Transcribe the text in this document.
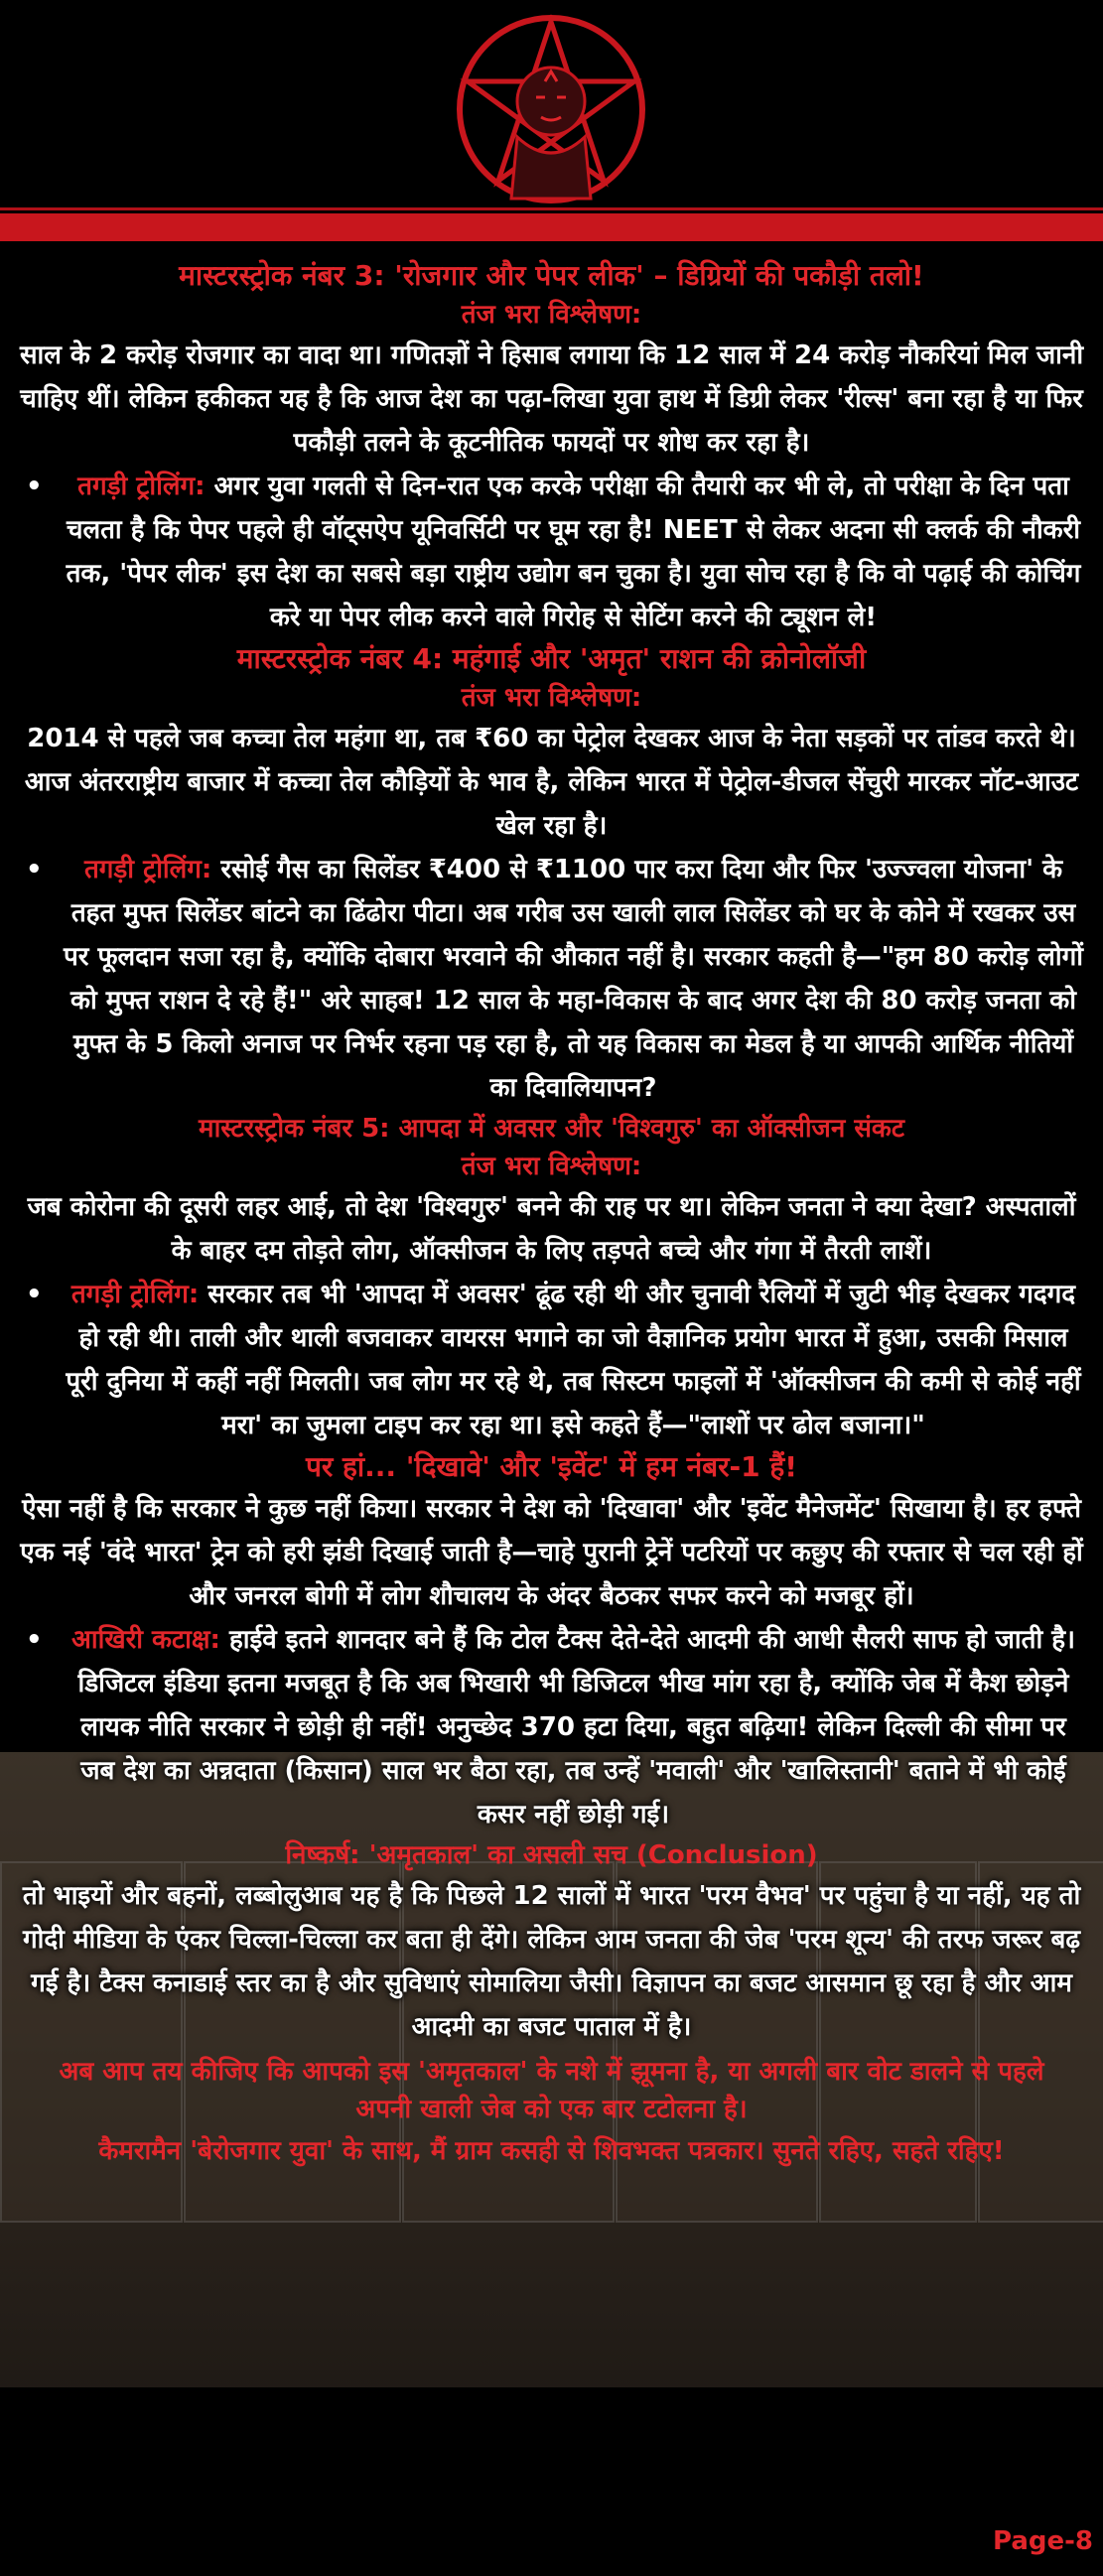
मास्टरस्ट्रोक नंबर 3: 'रोजगार और पेपर लीक' – डिग्रियों की पकौड़ी तलो!
तंज भरा विश्लेषण:

साल के 2 करोड़ रोजगार का वादा था। गणितज्ञों ने हिसाब लगाया कि 12 साल में 24 करोड़ नौकरियां मिल जानी चाहिए थीं। लेकिन हकीकत यह है कि आज देश का पढ़ा-लिखा युवा हाथ में डिग्री लेकर 'रील्स' बना रहा है या फिर पकौड़ी तलने के कूटनीतिक फायदों पर शोध कर रहा है।

• तगड़ी ट्रोलिंग: अगर युवा गलती से दिन-रात एक करके परीक्षा की तैयारी कर भी ले, तो परीक्षा के दिन पता चलता है कि पेपर पहले ही वॉट्सऐप यूनिवर्सिटी पर घूम रहा है! NEET से लेकर अदना सी क्लर्क की नौकरी तक, 'पेपर लीक' इस देश का सबसे बड़ा राष्ट्रीय उद्योग बन चुका है। युवा सोच रहा है कि वो पढ़ाई की कोचिंग करे या पेपर लीक करने वाले गिरोह से सेटिंग करने की ट्यूशन ले!

मास्टरस्ट्रोक नंबर 4: महंगाई और 'अमृत' राशन की क्रोनोलॉजी
तंज भरा विश्लेषण:

2014 से पहले जब कच्चा तेल महंगा था, तब ₹60 का पेट्रोल देखकर आज के नेता सड़कों पर तांडव करते थे। आज अंतरराष्ट्रीय बाजार में कच्चा तेल कौड़ियों के भाव है, लेकिन भारत में पेट्रोल-डीजल सेंचुरी मारकर नॉट-आउट खेल रहा है।

• तगड़ी ट्रोलिंग: रसोई गैस का सिलेंडर ₹400 से ₹1100 पार करा दिया और फिर 'उज्ज्वला योजना' के तहत मुफ्त सिलेंडर बांटने का ढिंढोरा पीटा। अब गरीब उस खाली लाल सिलेंडर को घर के कोने में रखकर उस पर फूलदान सजा रहा है, क्योंकि दोबारा भरवाने की औकात नहीं है। सरकार कहती है—"हम 80 करोड़ लोगों को मुफ्त राशन दे रहे हैं!" अरे साहब! 12 साल के महा-विकास के बाद अगर देश की 80 करोड़ जनता को मुफ्त के 5 किलो अनाज पर निर्भर रहना पड़ रहा है, तो यह विकास का मेडल है या आपकी आर्थिक नीतियों का दिवालियापन?

मास्टरस्ट्रोक नंबर 5: आपदा में अवसर और 'विश्वगुरु' का ऑक्सीजन संकट
तंज भरा विश्लेषण:

जब कोरोना की दूसरी लहर आई, तो देश 'विश्वगुरु' बनने की राह पर था। लेकिन जनता ने क्या देखा? अस्पतालों के बाहर दम तोड़ते लोग, ऑक्सीजन के लिए तड़पते बच्चे और गंगा में तैरती लाशें।

• तगड़ी ट्रोलिंग: सरकार तब भी 'आपदा में अवसर' ढूंढ रही थी और चुनावी रैलियों में जुटी भीड़ देखकर गदगद हो रही थी। ताली और थाली बजवाकर वायरस भगाने का जो वैज्ञानिक प्रयोग भारत में हुआ, उसकी मिसाल पूरी दुनिया में कहीं नहीं मिलती। जब लोग मर रहे थे, तब सिस्टम फाइलों में 'ऑक्सीजन की कमी से कोई नहीं मरा' का जुमला टाइप कर रहा था। इसे कहते हैं—"लाशों पर ढोल बजाना।"

पर हां... 'दिखावे' और 'इवेंट' में हम नंबर-1 हैं!

ऐसा नहीं है कि सरकार ने कुछ नहीं किया। सरकार ने देश को 'दिखावा' और 'इवेंट मैनेजमेंट' सिखाया है। हर हफ्ते एक नई 'वंदे भारत' ट्रेन को हरी झंडी दिखाई जाती है—चाहे पुरानी ट्रेनें पटरियों पर कछुए की रफ्तार से चल रही हों और जनरल बोगी में लोग शौचालय के अंदर बैठकर सफर करने को मजबूर हों।

• आखिरी कटाक्ष: हाईवे इतने शानदार बने हैं कि टोल टैक्स देते-देते आदमी की आधी सैलरी साफ हो जाती है। डिजिटल इंडिया इतना मजबूत है कि अब भिखारी भी डिजिटल भीख मांग रहा है, क्योंकि जेब में कैश छोड़ने लायक नीति सरकार ने छोड़ी ही नहीं! अनुच्छेद 370 हटा दिया, बहुत बढ़िया! लेकिन दिल्ली की सीमा पर जब देश का अन्नदाता (किसान) साल भर बैठा रहा, तब उन्हें 'मवाली' और 'खालिस्तानी' बताने में भी कोई कसर नहीं छोड़ी गई।

निष्कर्ष: 'अमृतकाल' का असली सच (Conclusion)

तो भाइयों और बहनों, लब्बोलुआब यह है कि पिछले 12 सालों में भारत 'परम वैभव' पर पहुंचा है या नहीं, यह तो गोदी मीडिया के एंकर चिल्ला-चिल्ला कर बता ही देंगे। लेकिन आम जनता की जेब 'परम शून्य' की तरफ जरूर बढ़ गई है। टैक्स कनाडाई स्तर का है और सुविधाएं सोमालिया जैसी। विज्ञापन का बजट आसमान छू रहा है और आम आदमी का बजट पाताल में है।

अब आप तय कीजिए कि आपको इस 'अमृतकाल' के नशे में झूमना है, या अगली बार वोट डालने से पहले अपनी खाली जेब को एक बार टटोलना है।

कैमरामैन 'बेरोजगार युवा' के साथ, मैं ग्राम कसही से शिवभक्त पत्रकार। सुनते रहिए, सहते रहिए!

Page-8
